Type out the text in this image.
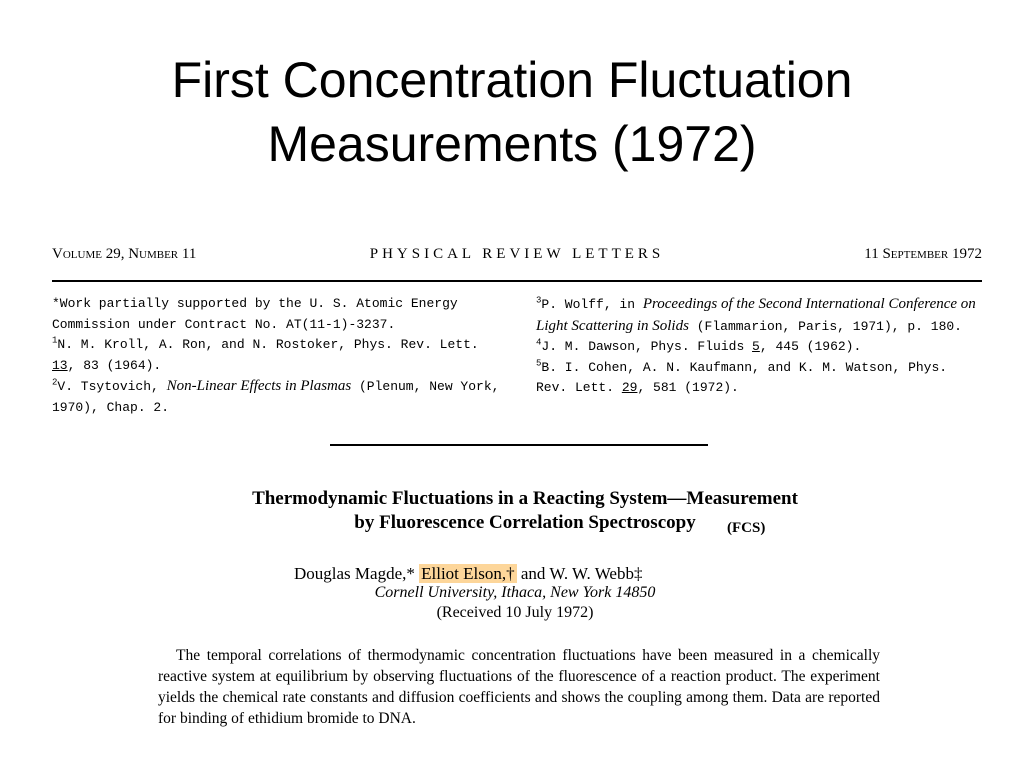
First Concentration Fluctuation
Measurements (1972)
Volume 29, Number 11	PHYSICAL REVIEW LETTERS	11 September 1972

*Work partially supported by the U. S. Atomic Energy Commission under Contract No. AT(11-1)-3237.

$^1$N. M. Kroll, A. Ron, and N. Rostoker, Phys. Rev. Lett. 13, 83 (1964).

$^2$V. Tsytovich, Non-Linear Effects in Plasmas (Plenum, New York, 1970), Chap. 2.

$^3$P. Wolff, in Proceedings of the Second International Conference on Light Scattering in Solids (Flammarion, Paris, 1971), p. 180.

$^4$J. M. Dawson, Phys. Fluids 5, 445 (1962).

$^5$B. I. Cohen, A. N. Kaufmann, and K. M. Watson, Phys. Rev. Lett. 29, 581 (1972).

Thermodynamic Fluctuations in a Reacting System—Measurement
by Fluorescence Correlation Spectroscopy	(FCS)
Douglas Magde,* Elliot Elson,† and W. W. Webb‡
Cornell University, Ithaca, New York 14850
(Received 10 July 1972)

The temporal correlations of thermodynamic concentration fluctuations have been measured in a chemically reactive system at equilibrium by observing fluctuations of the fluorescence of a reaction product. The experiment yields the chemical rate constants and diffusion coefficients and shows the coupling among them. Data are reported for binding of ethidium bromide to DNA.
